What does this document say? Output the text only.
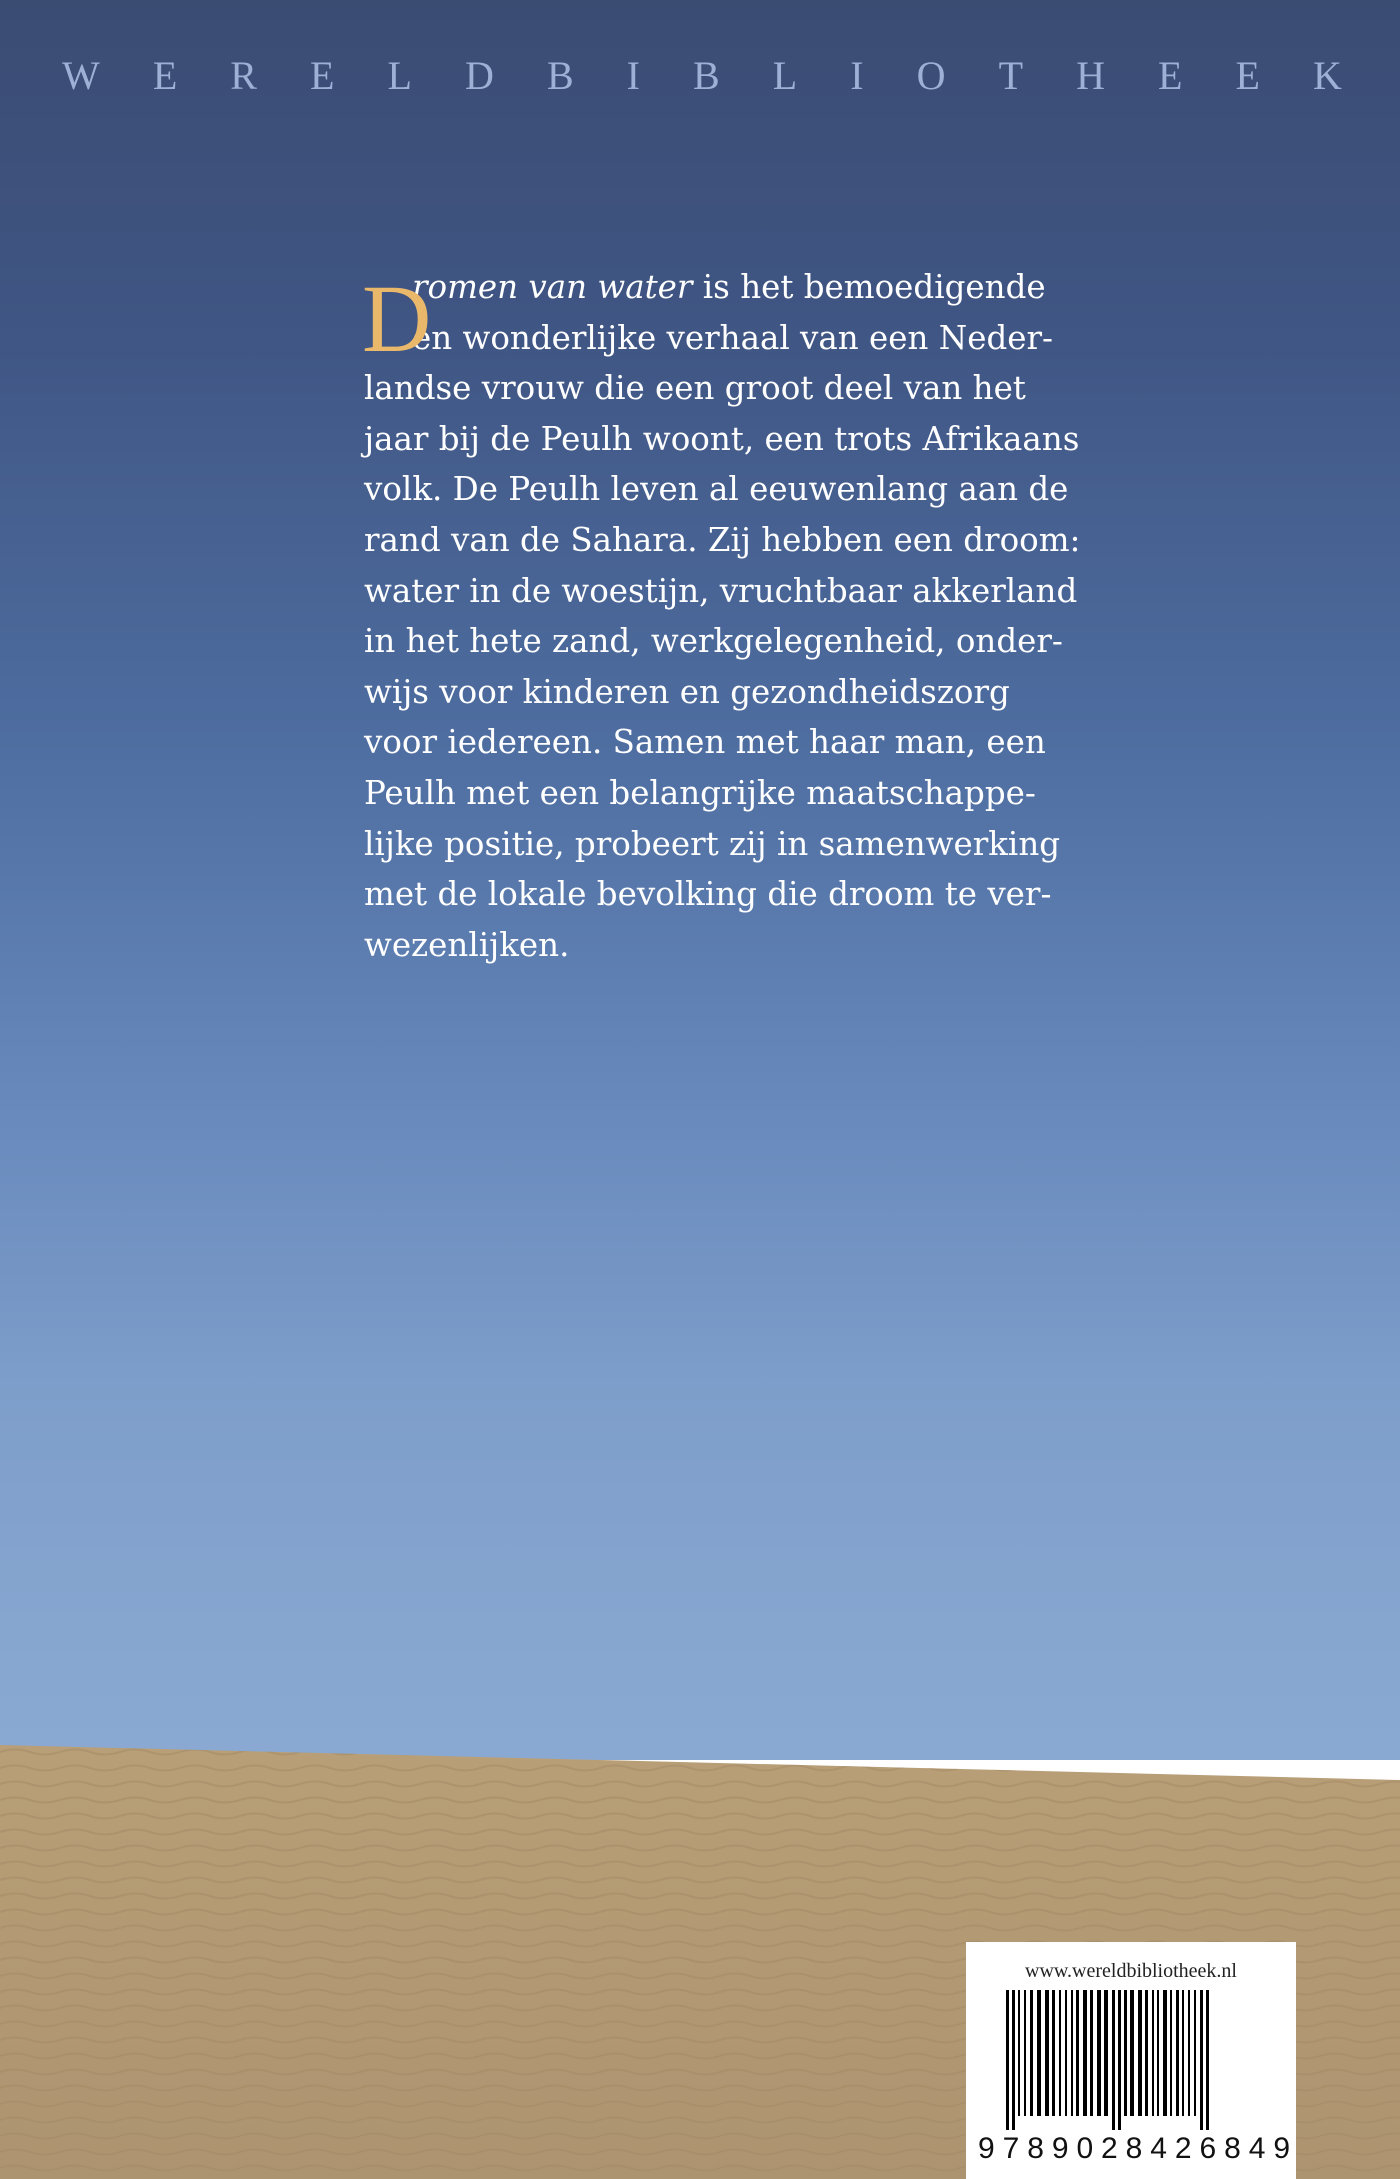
W E R E L D B I B L I O T H E E K
D
romen van water is het bemoedigende
en wonderlijke verhaal van een Neder-
landse vrouw die een groot deel van het
jaar bij de Peulh woont, een trots Afrikaans
volk. De Peulh leven al eeuwenlang aan de
rand van de Sahara. Zij hebben een droom:
water in de woestijn, vruchtbaar akkerland
in het hete zand, werkgelegenheid, onder-
wijs voor kinderen en gezondheidszorg
voor iedereen. Samen met haar man, een
Peulh met een belangrijke maatschappe-
lijke positie, probeert zij in samenwerking
met de lokale bevolking die droom te ver-
wezenlijken.
www.wereldbibliotheek.nl
9 7 8 9 0 2 8 4 2 6 8 4 9
